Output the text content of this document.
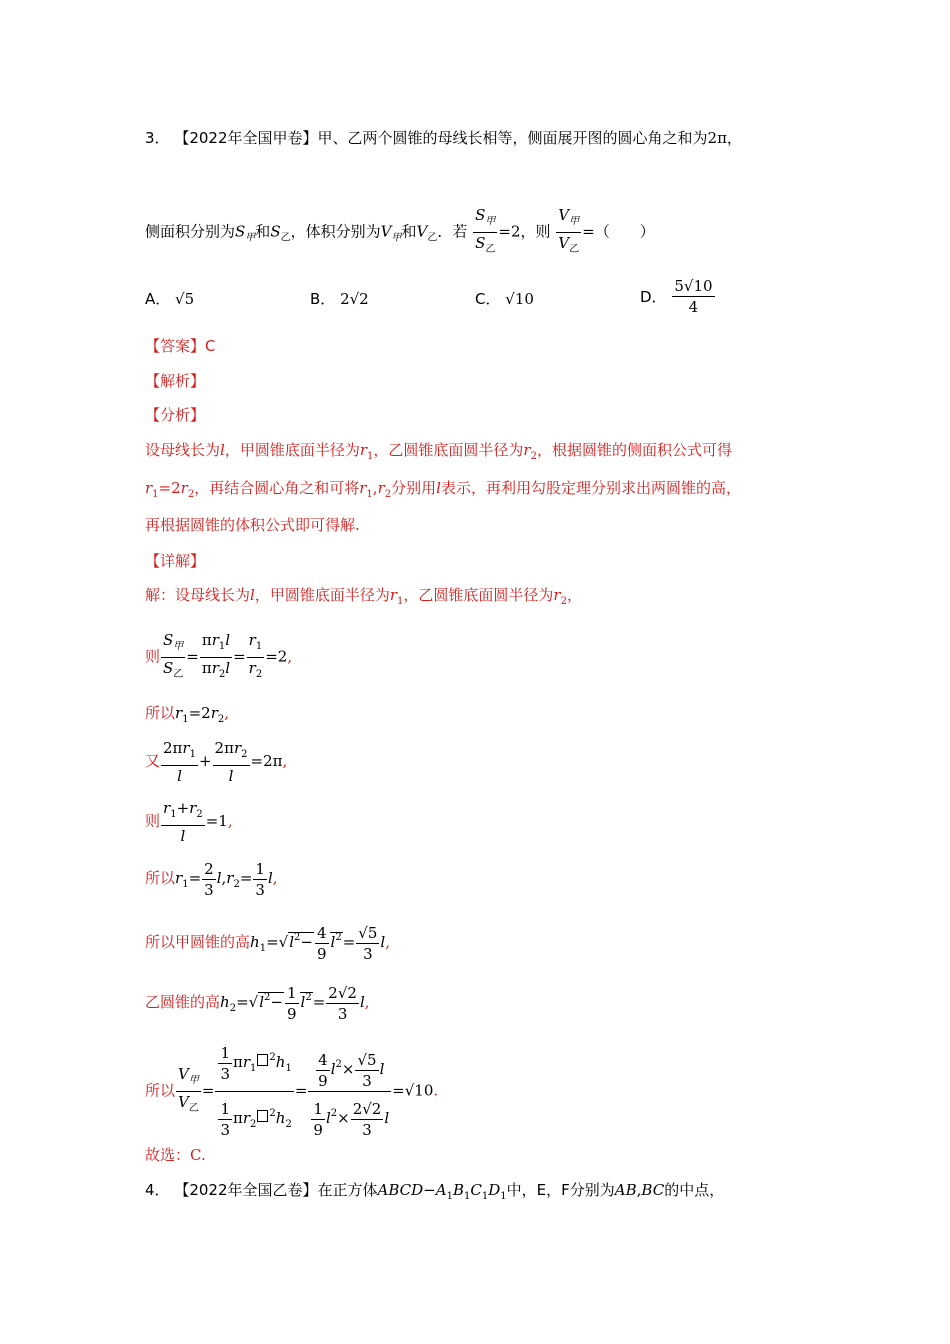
3． 【2022年全国甲卷】甲、乙两个圆锥的母线长相等，侧面展开图的圆心角之和为2π，
侧面积分别为$S_甲$和$S_乙$，体积分别为$V_甲$和$V_乙$．若 $\frac{S_甲}{S_乙} =2$，则 $\frac{V_甲}{V_乙}$ =（　　）
A． √5	B． 2√2	C． √10	D． $\frac{5√10}{4}$
【答案】C
【解析】
【分析】
设母线长为l，甲圆锥底面半径为$r_1$，乙圆锥底面圆半径为$r_2$，根据圆锥的侧面积公式可得
$r_1=2r_2$，再结合圆心角之和可将$r_1,r_2$分别用l表示，再利用勾股定理分别求出两圆锥的高，
再根据圆锥的体积公式即可得解.
【详解】
解：设母线长为l，甲圆锥底面半径为$r_1$，乙圆锥底面圆半径为$r_2$，
则 $\frac{S_甲}{S_乙} = \frac{\pi r_1l}{\pi r_2l} = \frac{r_1}{r_2} =2$,
所以$r_1=2r_2$,
又 $\frac{2\pi r_1}{l} + \frac{2\pi r_2}{l} =2\pi$,
则 $\frac{r_1+r_2}{l} =1$,
所以$r_1= \frac{2}{3} l,r_2= \frac{1}{3} l$,
所以甲圆锥的高$h_1=√l^2- \frac{4}{9} l^2= \frac{√5}{3} l$,
乙圆锥的高$h_2=√l^2- \frac{1}{9} l^2= \frac{2√2}{3} l$,
所以 $\frac{V_甲}{V_乙} = \frac{\frac{1}{3} \pi r_1^2h_1}{\frac{1}{3} \pi r_2^2h_2} = \frac{\frac{4}{9} l^2\times \frac{√5}{3} l}{\frac{1}{9} l^2\times \frac{2√2}{3} l} =√10$.
故选：C.
4． 【2022年全国乙卷】在正方体$ABCD-A_1B_1C_1D_1$中，E，F分别为AB,BC的中点，
